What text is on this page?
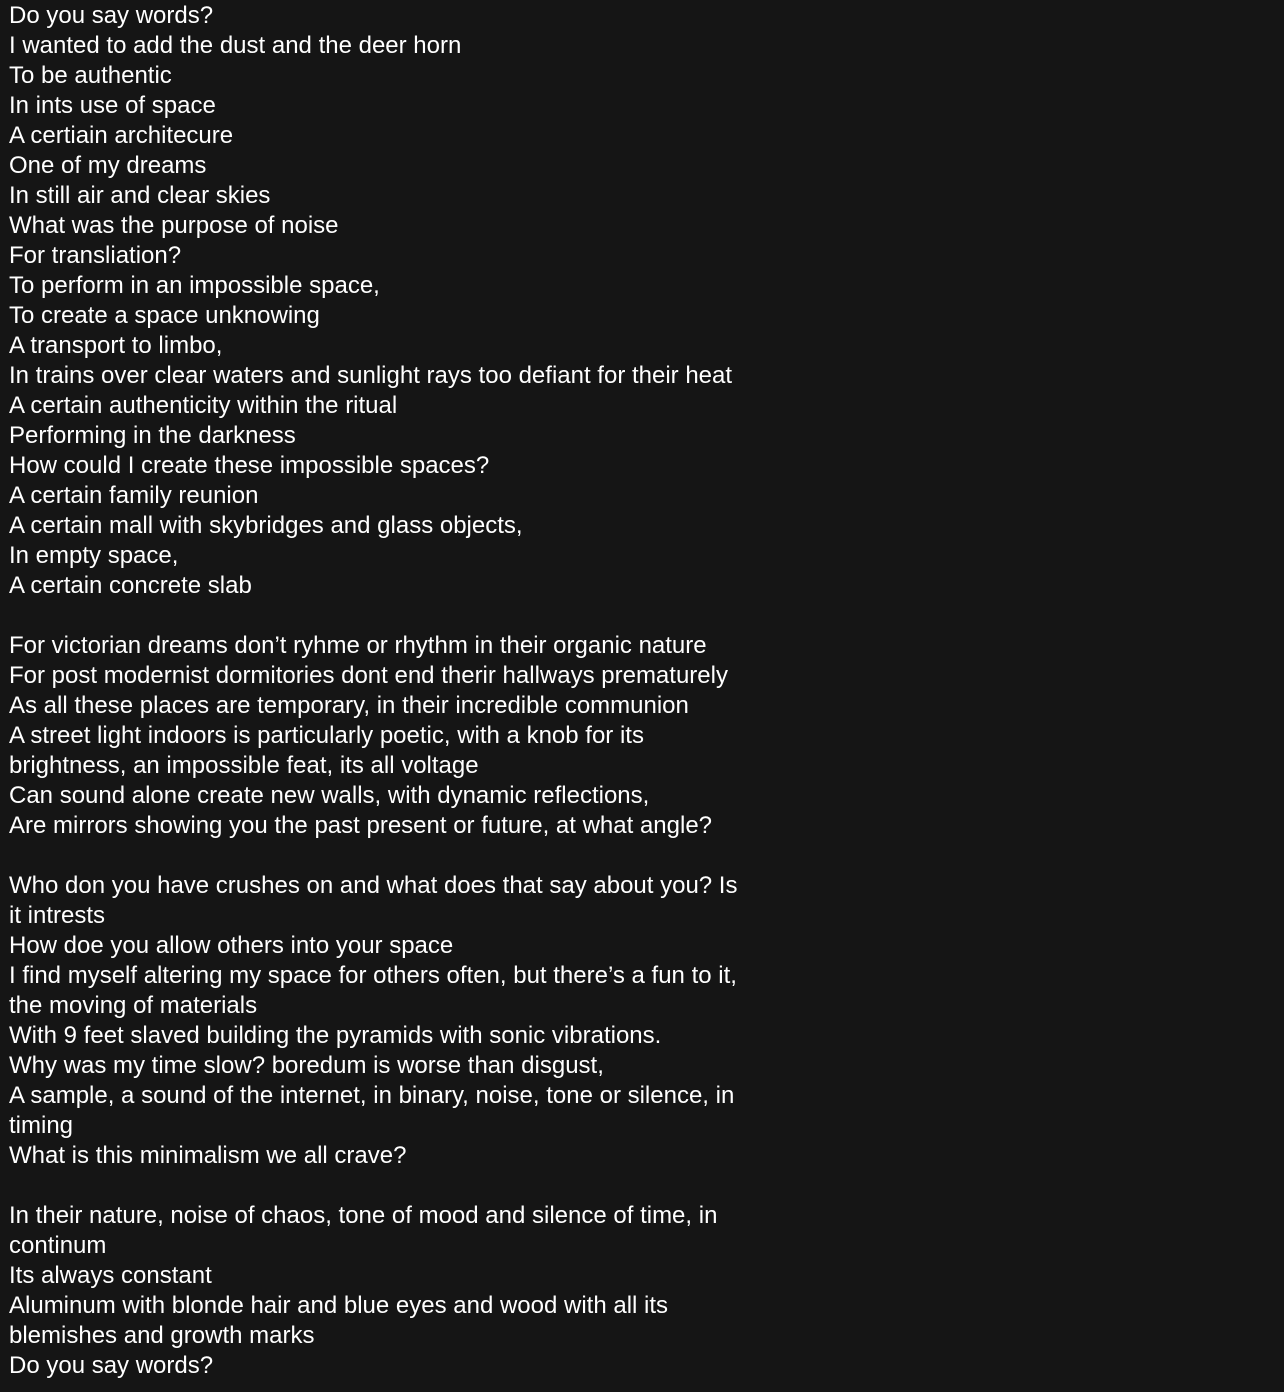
Do you say words?
I wanted to add the dust and the deer horn
To be authentic
In ints use of space
A certiain architecure
One of my dreams
In still air and clear skies
What was the purpose of noise
For transliation?
To perform in an impossible space,
To create a space unknowing
A transport to limbo,
In trains over clear waters and sunlight rays too defiant for their heat
A certain authenticity within the ritual
Performing in the darkness
How could I create these impossible spaces?
A certain family reunion
A certain mall with skybridges and glass objects,
In empty space,
A certain concrete slab
For victorian dreams don’t ryhme or rhythm in their organic nature
For post modernist dormitories dont end therir hallways prematurely
As all these places are temporary, in their incredible communion
A street light indoors is particularly poetic, with a knob for its
brightness, an impossible feat, its all voltage
Can sound alone create new walls, with dynamic reflections,
Are mirrors showing you the past present or future, at what angle?
Who don you have crushes on and what does that say about you? Is
it intrests
How doe you allow others into your space
I find myself altering my space for others often, but there’s a fun to it,
the moving of materials
With 9 feet slaved building the pyramids with sonic vibrations.
Why was my time slow? boredum is worse than disgust,
A sample, a sound of the internet, in binary, noise, tone or silence, in
timing
What is this minimalism we all crave?
In their nature, noise of chaos, tone of mood and silence of time, in
continum
Its always constant
Aluminum with blonde hair and blue eyes and wood with all its
blemishes and growth marks
Do you say words?
